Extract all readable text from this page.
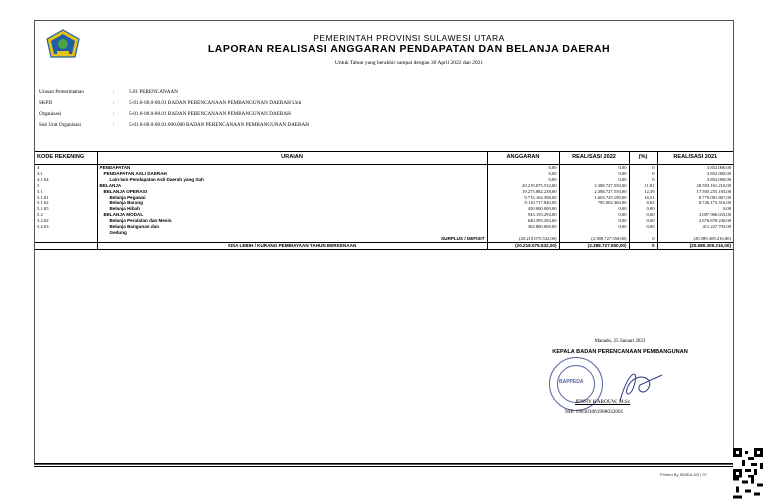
PEMERINTAH PROVINSI SULAWESI UTARA
LAPORAN REALISASI ANGGARAN PENDAPATAN DAN BELANJA DAERAH
Untuk Tahun yang berakhir sampai dengan 30 April 2022 dan 2021
Urusan Pemerintahan	:	5.01 PERENCANAAN
SKPD	:	5-01.0-00.0-00.01 BADAN PERENCANAAN PEMBANGUNAN DAERAH Unit
Organisasi	:	5-01.0-00.0-00.01 BADAN PERENCANAAN PEMBANGUNAN DAERAH
Sub Unit Organisasi	:	5-01.0-00.0-00.01.000.000 BADAN PERENCANAAN PEMBANGUNAN DAERAH
KODE REKENING	URAIAN	ANGGARAN	REALISASI 2022	(%)	REALISASI 2021
4	PENDAPATAN	0,00	0,00	0	3.852.000,00
4.1	PENDAPATAN ASLI DAERAH	0,00	0,00	0	3.852.000,00
4.1.04	Lain-lain Pendapatan Asli Daerah yang Sah	0,00	0,00	0	3.852.000,00
5	BELANJA	20.219.075.532,00	2.388.727.550,00	11,81	20.593.161.216,00
5.1	BELANJA OPERASI	19.275.882.238,00	2.388.727.550,00	12,39	17.505.255.183,00
5.1.01	Belanja Pegawai	9.715.164.398,00	1.603.725.190,00	16,51	8.779.081.867,00
5.1.02	Belanja Barang	9.110.717.840,00	785.002.360,00	8,62	8.726.173.316,00
5.1.05	Belanja Hibah	450.000.000,00	0,00	0,00	0,00
5.2	BELANJA MODAL	943.193.294,00	0,00	0,00	3.087.906.033,00
5.2.02	Belanja Peralatan dan Mesin	640.393.294,00	0,00	0,00	2.676.678.240,00
5.2.03	Belanja Bangunan dan	302.800.000,00	0,00	0,00	411.227.793,00
	Gedung				
	SURPLUS / DEFISIT	(20.219.075.532,00)	(2.388.727.550,00)	0	(20.589.309.216,00)
	SISA LEBIH / KURANG PEMBIAYAAN TAHUN BERKENAAN	(20.219.075.532,00)	(2.388.727.550,00)	0	(20.589.309.216,00)
Manado, 25 Januari 2023
KEPALA BADAN PERENCANAAN PEMBANGUNAN
BAPPEDA
JENNY KAROUW, M.Sc
NIP. 196301061988032001
Printed By SIMDA-NS | 07
